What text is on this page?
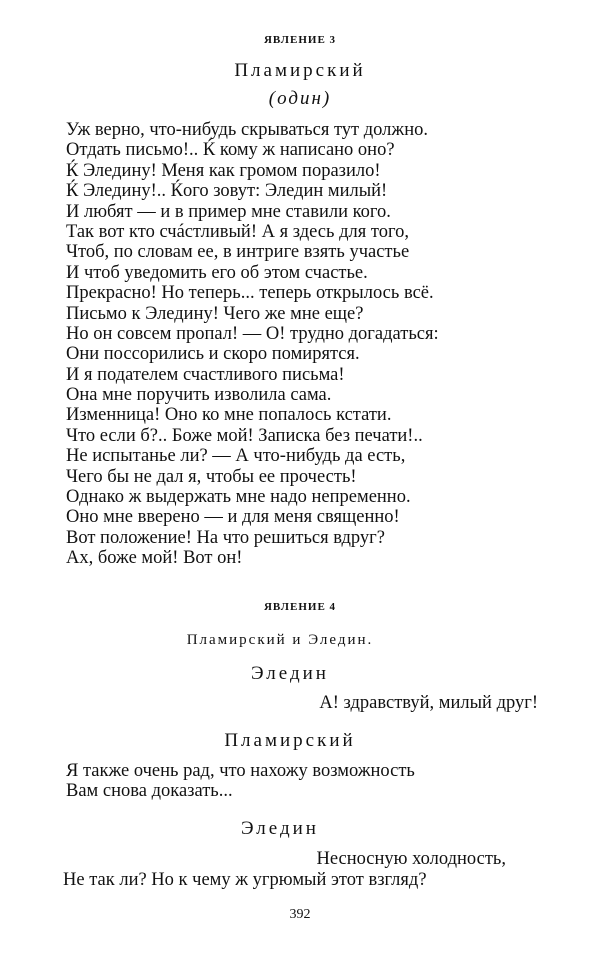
ЯВЛЕНИЕ 3
Пламирский
(один)
Уж верно, что-нибудь скрываться тут должно.
Отдать письмо!.. Ќ кому ж написано оно?
Ќ Эледину! Меня как громом поразило!
Ќ Эледину!.. Ќого зовут: Эледин милый!
И любят — и в пример мне ставили кого.
Так вот кто счáстливый! А я здесь для того,
Чтоб, по словам ее, в интриге взять участье
И чтоб уведомить его об этом счастье.
Прекрасно! Но теперь... теперь открылось всё.
Письмо к Элединy! Чего же мне еще?
Но он совсем пропал! — О! трудно догадаться:
Они поссорились и скоро помирятся.
И я подателем счастливого письма!
Она мне поручить изволила сама.
Изменница! Оно ко мне попалось кстати.
Что если б?.. Боже мой! Записка без печати!..
Не испытанье ли? — А что-нибудь да есть,
Чего бы не дал я, чтобы ее прочесть!
Однако ж выдержать мне надо непременно.
Оно мне вверено — и для меня священно!
Вот положение! На что решиться вдруг?
Ах, боже мой! Вот он!
ЯВЛЕНИЕ 4
Пламирский и Эледин.
Эледин
А! здравствуй, милый друг!
Пламирский
Я также очень рад, что нахожу возможность
Вам снова доказать...
Эледин
Несносную холодность,
Не так ли? Но к чему ж угрюмый этот взгляд?
392
